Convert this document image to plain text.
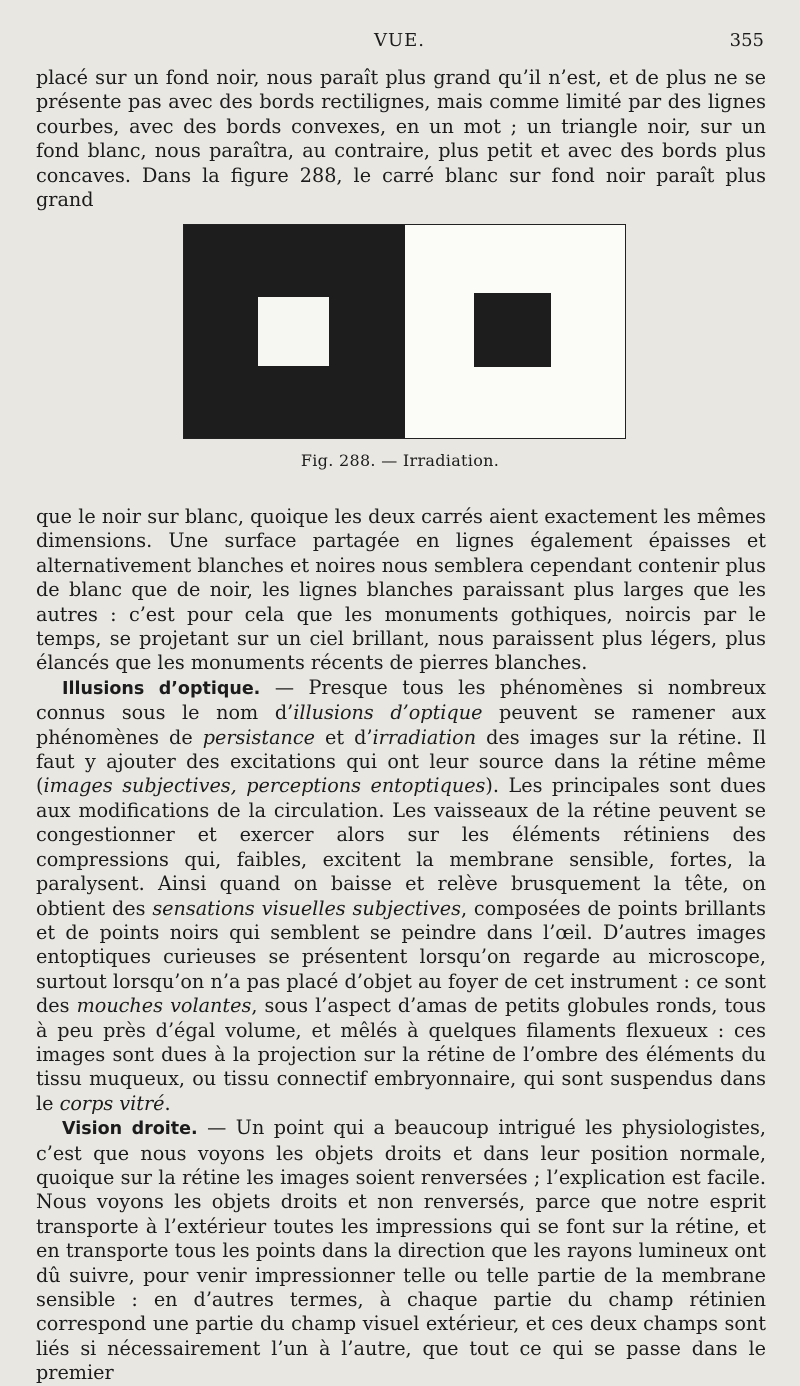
VUE.	355

placé sur un fond noir, nous paraît plus grand qu’il n’est, et de plus ne se présente pas avec des bords rectilignes, mais comme limité par des lignes courbes, avec des bords convexes, en un mot ; un triangle noir, sur un fond blanc, nous paraîtra, au contraire, plus petit et avec des bords plus concaves. Dans la figure 288, le carré blanc sur fond noir paraît plus grand

Fig. 288. — Irradiation.

que le noir sur blanc, quoique les deux carrés aient exactement les mêmes dimensions. Une surface partagée en lignes également épaisses et alternativement blanches et noires nous semblera cependant contenir plus de blanc que de noir, les lignes blanches paraissant plus larges que les autres : c’est pour cela que les monuments gothiques, noircis par le temps, se projetant sur un ciel brillant, nous paraissent plus légers, plus élancés que les monuments récents de pierres blanches.

Illusions d’optique. — Presque tous les phénomènes si nombreux connus sous le nom d’illusions d’optique peuvent se ramener aux phénomènes de persistance et d’irradiation des images sur la rétine. Il faut y ajouter des excitations qui ont leur source dans la rétine même (images subjectives, perceptions entoptiques). Les principales sont dues aux modifications de la circulation. Les vaisseaux de la rétine peuvent se congestionner et exercer alors sur les éléments rétiniens des compressions qui, faibles, excitent la membrane sensible, fortes, la paralysent. Ainsi quand on baisse et relève brusquement la tête, on obtient des sensations visuelles subjectives, composées de points brillants et de points noirs qui semblent se peindre dans l’œil. D’autres images entoptiques curieuses se présentent lorsqu’on regarde au microscope, surtout lorsqu’on n’a pas placé d’objet au foyer de cet instrument : ce sont des mouches volantes, sous l’aspect d’amas de petits globules ronds, tous à peu près d’égal volume, et mêlés à quelques filaments flexueux : ces images sont dues à la projection sur la rétine de l’ombre des éléments du tissu muqueux, ou tissu connectif embryonnaire, qui sont suspendus dans le corps vitré.

Vision droite. — Un point qui a beaucoup intrigué les physiologistes, c’est que nous voyons les objets droits et dans leur position normale, quoique sur la rétine les images soient renversées ; l’explication est facile. Nous voyons les objets droits et non renversés, parce que notre esprit transporte à l’extérieur toutes les impressions qui se font sur la rétine, et en transporte tous les points dans la direction que les rayons lumineux ont dû suivre, pour venir impressionner telle ou telle partie de la membrane sensible : en d’autres termes, à chaque partie du champ rétinien correspond une partie du champ visuel extérieur, et ces deux champs sont liés si nécessairement l’un à l’autre, que tout ce qui se passe dans le premier
